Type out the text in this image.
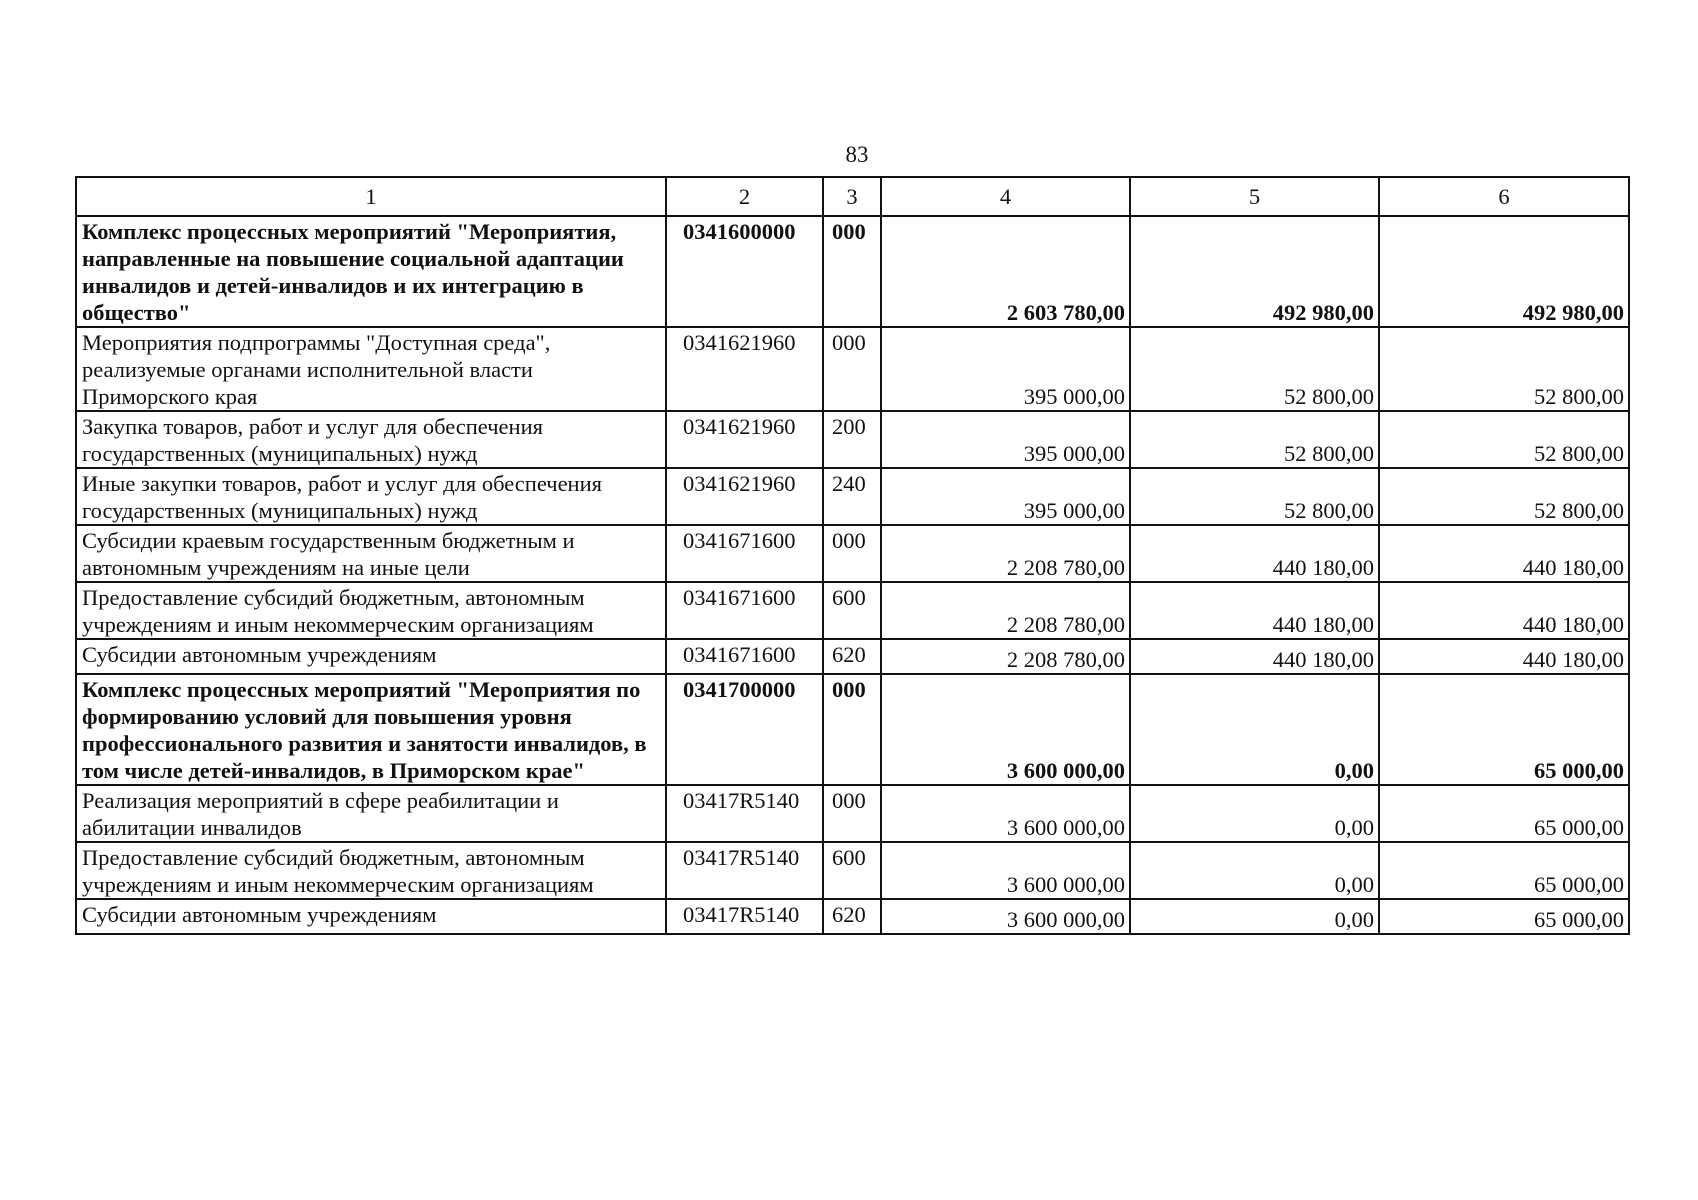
83
1	2	3	4	5	6
Комплекс процессных мероприятий "Мероприятия, направленные на повышение социальной адаптации инвалидов и детей-инвалидов и их интеграцию в общество"	0341600000	000	2 603 780,00	492 980,00	492 980,00
Мероприятия подпрограммы "Доступная среда", реализуемые органами исполнительной власти Приморского края	0341621960	000	395 000,00	52 800,00	52 800,00
Закупка товаров, работ и услуг для обеспечения государственных (муниципальных) нужд	0341621960	200	395 000,00	52 800,00	52 800,00
Иные закупки товаров, работ и услуг для обеспечения государственных (муниципальных) нужд	0341621960	240	395 000,00	52 800,00	52 800,00
Субсидии краевым государственным бюджетным и автономным учреждениям на иные цели	0341671600	000	2 208 780,00	440 180,00	440 180,00
Предоставление субсидий бюджетным, автономным учреждениям и иным некоммерческим организациям	0341671600	600	2 208 780,00	440 180,00	440 180,00
Субсидии автономным учреждениям	0341671600	620	2 208 780,00	440 180,00	440 180,00
Комплекс процессных мероприятий "Мероприятия по формированию условий для повышения уровня профессионального развития и занятости инвалидов, в том числе детей-инвалидов, в Приморском крае"	0341700000	000	3 600 000,00	0,00	65 000,00
Реализация мероприятий в сфере реабилитации и абилитации инвалидов	03417R5140	000	3 600 000,00	0,00	65 000,00
Предоставление субсидий бюджетным, автономным учреждениям и иным некоммерческим организациям	03417R5140	600	3 600 000,00	0,00	65 000,00
Субсидии автономным учреждениям	03417R5140	620	3 600 000,00	0,00	65 000,00
